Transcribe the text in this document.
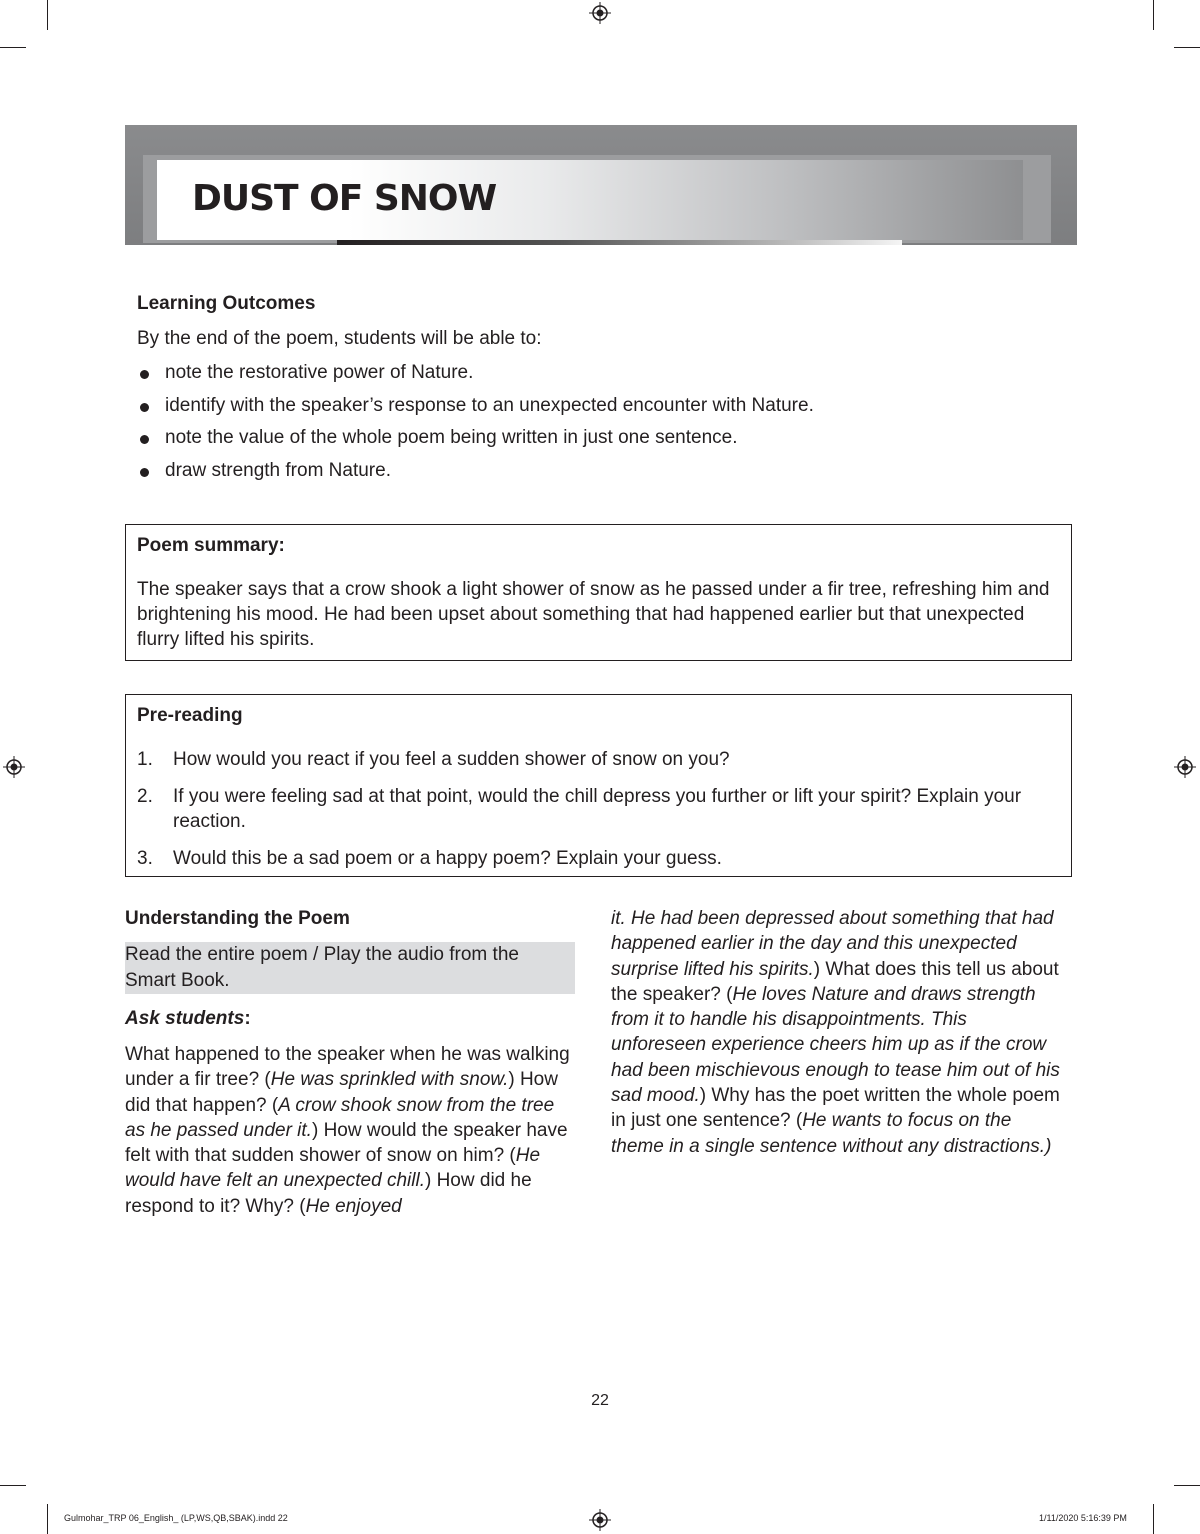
DUST OF SNOW
Learning Outcomes

By the end of the poem, students will be able to:

note the restorative power of Nature.
identify with the speaker’s response to an unexpected encounter with Nature.
note the value of the whole poem being written in just one sentence.
draw strength from Nature.
Poem summary:

The speaker says that a crow shook a light shower of snow as he passed under a fir tree, refreshing him and brightening his mood. He had been upset about something that had happened earlier but that unexpected flurry lifted his spirits.

Pre-reading
1. How would you react if you feel a sudden shower of snow on you?
2. If you were feeling sad at that point, would the chill depress you further or lift your spirit? Explain your reaction.
3. Would this be a sad poem or a happy poem? Explain your guess.
Understanding the Poem
Read the entire poem / Play the audio from the Smart Book.

Ask students:

What happened to the speaker when he was walking under a fir tree? (He was sprinkled with snow.) How did that happen? (A crow shook snow from the tree as he passed under it.) How would the speaker have felt with that sudden shower of snow on him? (He would have felt an unexpected chill.) How did he respond to it? Why? (He enjoyed

it. He had been depressed about something that had happened earlier in the day and this unexpected surprise lifted his spirits.) What does this tell us about the speaker? (He loves Nature and draws strength from it to handle his disappointments. This unforeseen experience cheers him up as if the crow had been mischievous enough to tease him out of his sad mood.) Why has the poet written the whole poem in just one sentence? (He wants to focus on the theme in a single sentence without any distractions.)

22

Gulmohar_TRP 06_English_ (LP,WS,QB,SBAK).indd 22	1/11/2020 5:16:39 PM
